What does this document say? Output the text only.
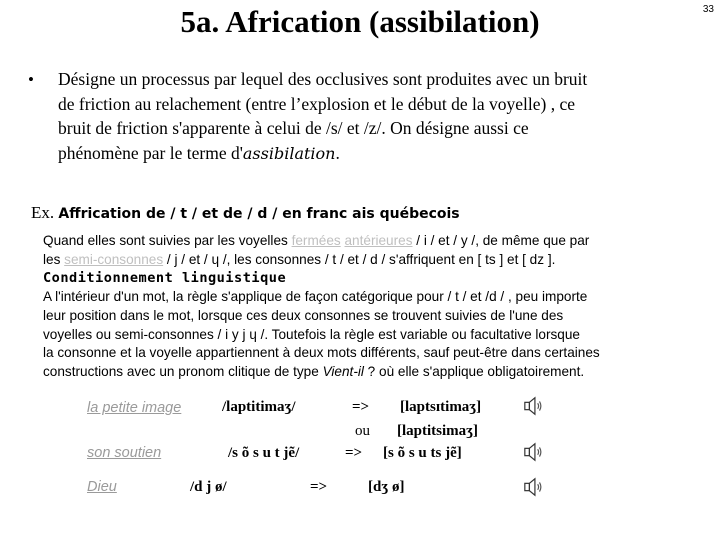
33
5a. Africation (assibilation)
• Désigne un processus par lequel des occlusives sont produites avec un bruit
de friction au relachement (entre l’explosion et le début de la voyelle) , ce
bruit de friction s'apparente à celui de /s/ et /z/. On désigne aussi ce
phénomène par le terme d'assibilation.
Ex. Affrication de / t / et de / d / en franc ais québecois
Quand elles sont suivies par les voyelles fermées antérieures / i / et / y /, de même que par
les semi-consonnes / j / et / ɥ /, les consonnes / t / et / d / s'affriquent en [ ts ] et [ dz ].
Conditionnement linguistique
A l'intérieur d'un mot, la règle s'applique de façon catégorique pour / t / et /d / , peu importe
leur position dans le mot, lorsque ces deux consonnes se trouvent suivies de l'une des
voyelles ou semi-consonnes / i y j ɥ /. Toutefois la règle est variable ou facultative lorsque
la consonne et la voyelle appartiennent à deux mots différents, sauf peut-être dans certaines
constructions avec un pronom clitique de type Vient-il ? où elle s'applique obligatoirement.
la petite image	/laptitimaʒ/	=> [laptsɪtimaʒ]
ou [laptitsimaʒ]
son soutien	/s õ s u t jẽ/	=> [s õ s u ts jẽ]
Dieu	/d j ø/	=>	[dʒ ø]
